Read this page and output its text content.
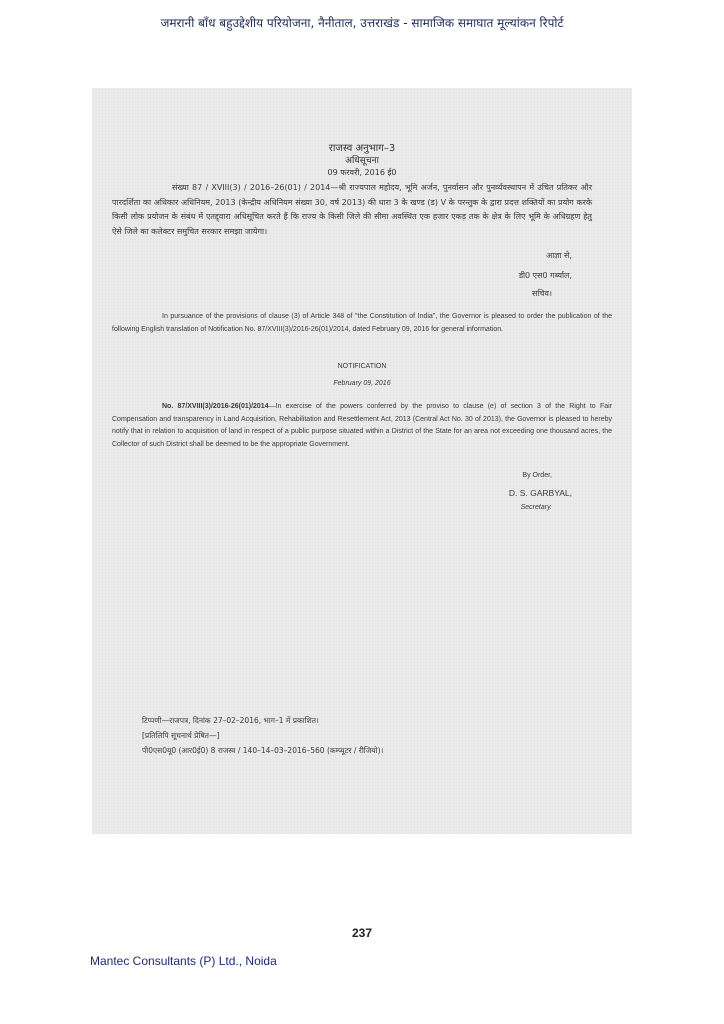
जमरानी बाँध बहुउद्देशीय परियोजना, नैनीताल, उत्तराखंड - सामाजिक समाघात मूल्यांकन रिपोर्ट
राजस्व अनुभाग–3
अधिसूचना
09 फरवरी, 2016 ई0
संख्या 87 / XVIII(3) / 2016–26(01) / 2014—श्री राज्यपाल महोदय, भूमि अर्जन, पुनर्वासन और पुनर्व्यवस्थापन में उचित प्रतिकर और पारदर्शिता का अधिकार अधिनियम, 2013 (केन्द्रीय अधिनियम संख्या 30, वर्ष 2013) की धारा 3 के खण्ड (ड) V के परन्तुक के द्वारा प्रदत्त शक्तियों का प्रयोग करके किसी लोक प्रयोजन के संबंध में एतद्द्वारा अधिसूचित करते हैं कि राज्य के किसी जिले की सीमा अवस्थित एक हजार एकड़ तक के क्षेत्र के लिए भूमि के अधिग्रहण हेतु ऐसे जिले का कलेक्टर समुचित सरकार समझा जायेगा।
आज्ञा से,
डी0 एस0 गर्ब्याल,
सचिव।
In pursuance of the provisions of clause (3) of Article 348 of "the Constitution of India", the Governor is pleased to order the publication of the following English translation of Notification No. 87/XVIII(3)/2016-26(01)/2014, dated February 09, 2016 for general information.
NOTIFICATION
February 09, 2016
No. 87/XVIII(3)/2016-26(01)/2014—In exercise of the powers conferred by the proviso to clause (e) of section 3 of the Right to Fair Compensation and transparency in Land Acquisition, Rehabilitation and Resettlement Act, 2013 (Central Act No. 30 of 2013), the Governor is pleased to hereby notify that in relation to acquisition of land in respect of a public purpose situated within a District of the State for an area not exceeding one thousand acres, the Collector of such District shall be deemed to be the appropriate Government.
By Order,
D. S. GARBYAL,
Secretary.
टिप्पणी—राजपत्र, दिनांक 27–02–2016, भाग–1 में प्रकाशित।
[प्रतिलिपि सूचनार्थ प्रेषित—]
पी0एस0यू0 (आर0ई0) 8 राजस्व / 140–14–03–2016–560 (कम्प्यूटर / रीजियो)।
237
Mantec Consultants (P) Ltd., Noida
